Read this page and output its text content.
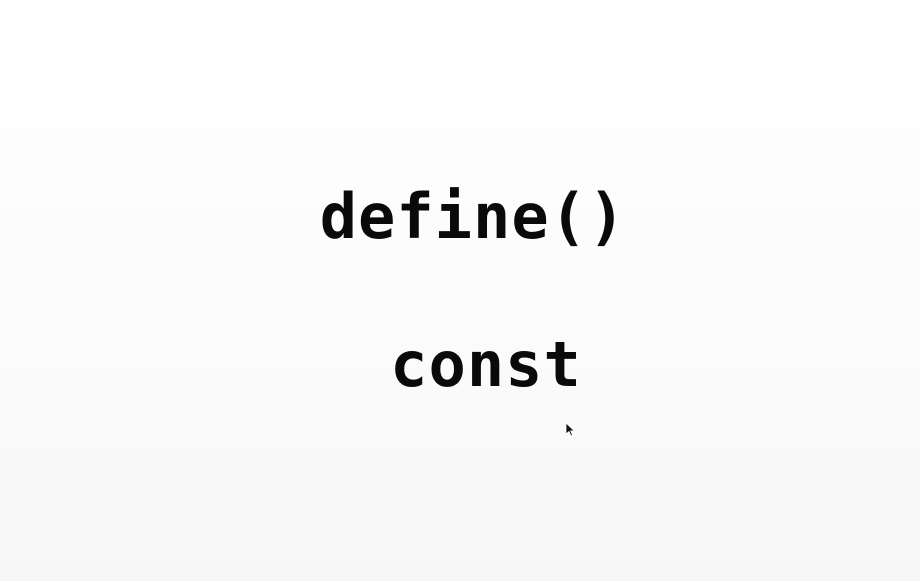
define()
const
